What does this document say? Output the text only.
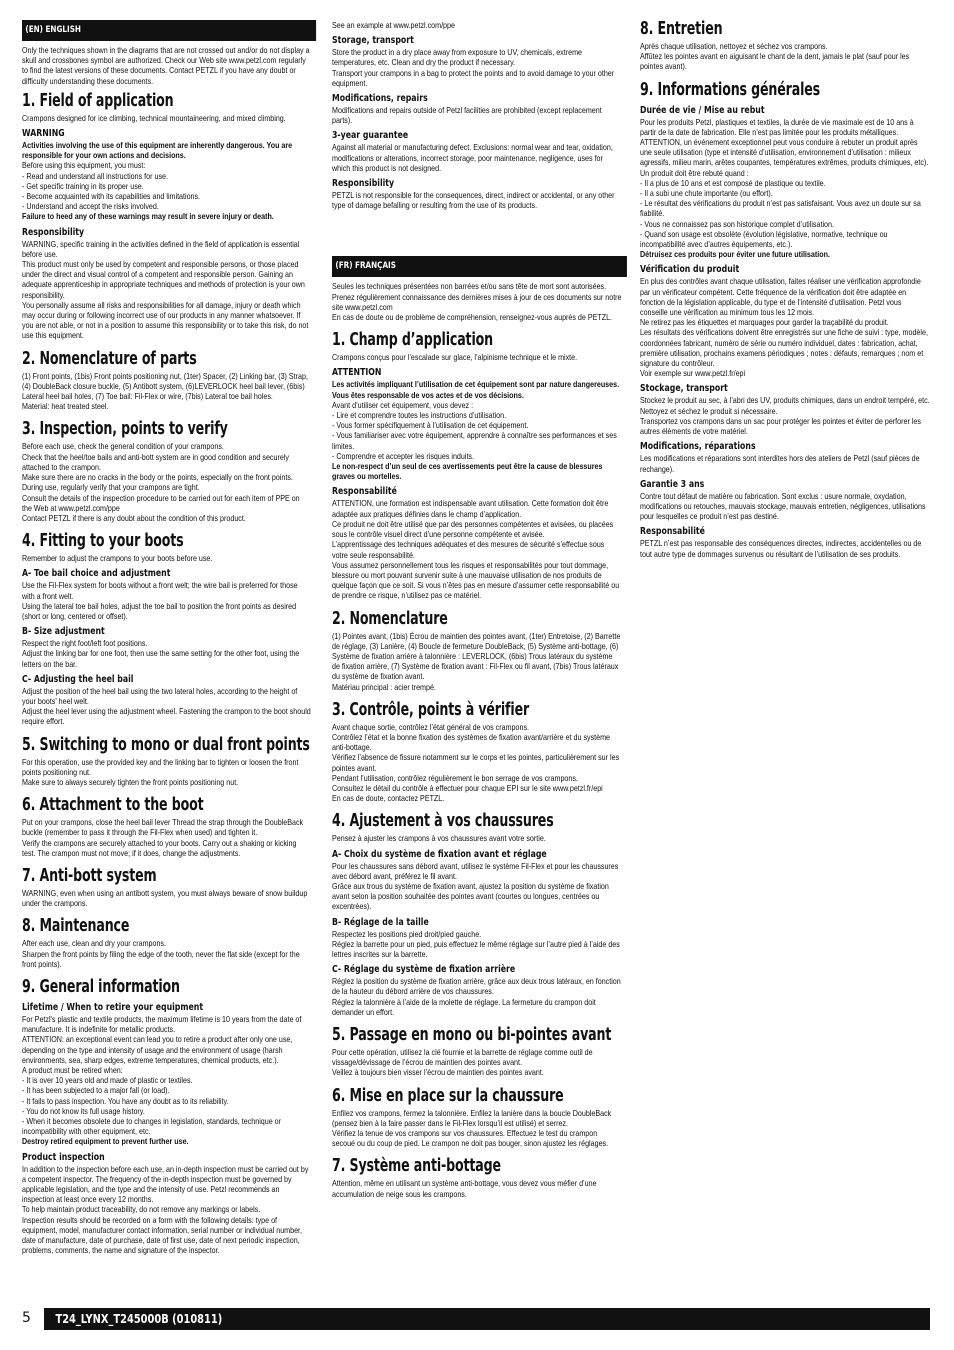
(EN) ENGLISH

Only the techniques shown in the diagrams that are not crossed out and/or do not display a skull and crossbones symbol are authorized. Check our Web site www.petzl.com regularly to find the latest versions of these documents. Contact PETZL if you have any doubt or difficulty understanding these documents.

1. Field of application

Crampons designed for ice climbing, technical mountaineering, and mixed climbing.

WARNING

Activities involving the use of this equipment are inherently dangerous. You are responsible for your own actions and decisions.

Before using this equipment, you must:

- Read and understand all instructions for use.

- Get specific training in its proper use.

- Become acquainted with its capabilities and limitations.

- Understand and accept the risks involved.

Failure to heed any of these warnings may result in severe injury or death.

Responsibility

WARNING, specific training in the activities defined in the field of application is essential before use.

This product must only be used by competent and responsible persons, or those placed under the direct and visual control of a competent and responsible person. Gaining an adequate apprenticeship in appropriate techniques and methods of protection is your own responsibility.

You personally assume all risks and responsibilities for all damage, injury or death which may occur during or following incorrect use of our products in any manner whatsoever. If you are not able, or not in a position to assume this responsibility or to take this risk, do not use this equipment.

2. Nomenclature of parts

(1) Front points, (1bis) Front points positioning nut, (1ter) Spacer, (2) Linking bar, (3) Strap, (4) DoubleBack closure buckle, (5) Antibott system, (6)LEVERLOCK heel bail lever, (6bis) Lateral heel bail holes, (7) Toe bail: Fil-Flex or wire, (7bis) Lateral toe bail holes.

Material: heat treated steel.

3. Inspection, points to verify

Before each use, check the general condition of your crampons.

Check that the heel/toe bails and anti-bott system are in good condition and securely attached to the crampon.

Make sure there are no cracks in the body or the points, especially on the front points.

During use, regularly verify that your crampons are tight.

Consult the details of the inspection procedure to be carried out for each item of PPE on the Web at www.petzl.com/ppe

Contact PETZL if there is any doubt about the condition of this product.

4. Fitting to your boots

Remember to adjust the crampons to your boots before use.

A- Toe bail choice and adjustment

Use the Fil-Flex system for boots without a front welt; the wire bail is preferred for those with a front welt.

Using the lateral toe bail holes, adjust the toe bail to position the front points as desired (short or long, centered or offset).

B- Size adjustment

Respect the right foot/left foot positions.

Adjust the linking bar for one foot, then use the same setting for the other foot, using the letters on the bar.

C- Adjusting the heel bail

Adjust the position of the heel bail using the two lateral holes, according to the height of your boots' heel welt.

Adjust the heel lever using the adjustment wheel. Fastening the crampon to the boot should require effort.

5. Switching to mono or dual front points

For this operation, use the provided key and the linking bar to tighten or loosen the front points positioning nut.

Make sure to always securely tighten the front points positioning nut.

6. Attachment to the boot

Put on your crampons, close the heel bail lever Thread the strap through the DoubleBack buckle (remember to pass it through the Fil-Flex when used) and tighten it.

Verify the crampons are securely attached to your boots. Carry out a shaking or kicking test. The crampon must not move; if it does, change the adjustments.

7. Anti-bott system

WARNING, even when using an antibott system, you must always beware of snow buildup under the crampons.

8. Maintenance

After each use, clean and dry your crampons.

Sharpen the front points by filing the edge of the tooth, never the flat side (except for the front points).

9. General information
Lifetime / When to retire your equipment

For Petzl's plastic and textile products, the maximum lifetime is 10 years from the date of manufacture. It is indefinite for metallic products.

ATTENTION: an exceptional event can lead you to retire a product after only one use, depending on the type and intensity of usage and the environment of usage (harsh environments, sea, sharp edges, extreme temperatures, chemical products, etc.).

A product must be retired when:

- It is over 10 years old and made of plastic or textiles.

- It has been subjected to a major fall (or load).

- It fails to pass inspection. You have any doubt as to its reliability.

- You do not know its full usage history.

- When it becomes obsolete due to changes in legislation, standards, technique or incompatibility with other equipment, etc.

Destroy retired equipment to prevent further use.

Product inspection

In addition to the inspection before each use, an in-depth inspection must be carried out by a competent inspector. The frequency of the in-depth inspection must be governed by applicable legislation, and the type and the intensity of use. Petzl recommends an inspection at least once every 12 months.

To help maintain product traceability, do not remove any markings or labels.

Inspection results should be recorded on a form with the following details: type of equipment, model, manufacturer contact information, serial number or individual number, date of manufacture, date of purchase, date of first use, date of next periodic inspection, problems, comments, the name and signature of the inspector.

See an example at www.petzl.com/ppe

Storage, transport

Store the product in a dry place away from exposure to UV, chemicals, extreme temperatures, etc. Clean and dry the product if necessary.

Transport your crampons in a bag to protect the points and to avoid damage to your other equipment.

Modifications, repairs

Modifications and repairs outside of Petzl facilities are prohibited (except replacement parts).

3-year guarantee

Against all material or manufacturing defect. Exclusions: normal wear and tear, oxidation, modifications or alterations, incorrect storage, poor maintenance, negligence, uses for which this product is not designed.

Responsibility

PETZL is not responsible for the consequences, direct, indirect or accidental, or any other type of damage befalling or resulting from the use of its products.

(FR) FRANÇAIS

Seules les techniques présentées non barrées et/ou sans tête de mort sont autorisées. Prenez régulièrement connaissance des dernières mises à jour de ces documents sur notre site www.petzl.com

En cas de doute ou de problème de compréhension, renseignez-vous auprès de PETZL.

1. Champ d’application

Crampons conçus pour l’escalade sur glace, l’alpinisme technique et le mixte.

ATTENTION

Les activités impliquant l’utilisation de cet équipement sont par nature dangereuses.

Vous êtes responsable de vos actes et de vos décisions.

Avant d’utiliser cet équipement, vous devez :

- Lire et comprendre toutes les instructions d’utilisation.

- Vous former spécifiquement à l’utilisation de cet équipement.

- Vous familiariser avec votre équipement, apprendre à connaître ses performances et ses limites.

- Comprendre et accepter les risques induits.

Le non-respect d’un seul de ces avertissements peut être la cause de blessures graves ou mortelles.

Responsabilité

ATTENTION, une formation est indispensable avant utilisation. Cette formation doit être adaptée aux pratiques définies dans le champ d’application.

Ce produit ne doit être utilisé que par des personnes compétentes et avisées, ou placées sous le contrôle visuel direct d’une personne compétente et avisée.

L’apprentissage des techniques adéquates et des mesures de sécurité s’effectue sous votre seule responsabilité.

Vous assumez personnellement tous les risques et responsabilités pour tout dommage, blessure ou mort pouvant survenir suite à une mauvaise utilisation de nos produits de quelque façon que ce soit. Si vous n’êtes pas en mesure d’assumer cette responsabilité ou de prendre ce risque, n’utilisez pas ce matériel.

2. Nomenclature

(1) Pointes avant, (1bis) Écrou de maintien des pointes avant, (1ter) Entretoise, (2) Barrette de réglage, (3) Lanière, (4) Boucle de fermeture DoubleBack, (5) Système anti-bottage, (6) Système de fixation arrière à talonnière : LEVERLOCK, (6bis) Trous latéraux du système de fixation arrière, (7) Système de fixation avant : Fil-Flex ou fil avant, (7bis) Trous latéraux du système de fixation avant.

Matériau principal : acier trempé.

3. Contrôle, points à vérifier

Avant chaque sortie, contrôlez l’état général de vos crampons.

Contrôlez l’état et la bonne fixation des systèmes de fixation avant/arrière et du système anti-bottage.

Vérifiez l’absence de fissure notamment sur le corps et les pointes, particulièrement sur les pointes avant.

Pendant l’utilisation, contrôlez régulièrement le bon serrage de vos crampons.

Consultez le détail du contrôle à effectuer pour chaque EPI sur le site www.petzl.fr/epi

En cas de doute, contactez PETZL.

4. Ajustement à vos chaussures

Pensez à ajuster les crampons à vos chaussures avant votre sortie.

A- Choix du système de fixation avant et réglage

Pour les chaussures sans débord avant, utilisez le système Fil-Flex et pour les chaussures avec débord avant, préférez le fil avant.

Grâce aux trous du système de fixation avant, ajustez la position du système de fixation avant selon la position souhaitée des pointes avant (courtes ou longues, centrées ou excentrées).

B- Réglage de la taille

Respectez les positions pied droit/pied gauche.

Réglez la barrette pour un pied, puis effectuez le même réglage sur l’autre pied à l’aide des lettres inscrites sur la barrette.

C- Réglage du système de fixation arrière

Réglez la position du système de fixation arrière, grâce aux deux trous latéraux, en fonction de la hauteur du débord arrière de vos chaussures.

Réglez la talonnière à l’aide de la molette de réglage. La fermeture du crampon doit demander un effort.

5. Passage en mono ou bi-pointes avant

Pour cette opération, utilisez la clé fournie et la barrette de réglage comme outil de vissage/dévissage de l’écrou de maintien des pointes avant.

Veillez à toujours bien visser l’écrou de maintien des pointes avant.

6. Mise en place sur la chaussure

Enfilez vos crampons, fermez la talonnière. Enfilez la lanière dans la boucle DoubleBack (pensez bien à la faire passer dans le Fil-Flex lorsqu’il est utilisé) et serrez.

Vérifiez la tenue de vos crampons sur vos chaussures. Effectuez le test du crampon secoué ou du coup de pied. Le crampon ne doit pas bouger, sinon ajustez les réglages.

7. Système anti-bottage

Attention, même en utilisant un système anti-bottage, vous devez vous méfier d’une accumulation de neige sous les crampons.

8. Entretien

Après chaque utilisation, nettoyez et séchez vos crampons.

Affûtez les pointes avant en aiguisant le chant de la dent, jamais le plat (sauf pour les pointes avant).

9. Informations générales
Durée de vie / Mise au rebut

Pour les produits Petzl, plastiques et textiles, la durée de vie maximale est de 10 ans à partir de la date de fabrication. Elle n’est pas limitée pour les produits métalliques.

ATTENTION, un événement exceptionnel peut vous conduire à rebuter un produit après une seule utilisation (type et intensité d’utilisation, environnement d’utilisation : milieux agressifs, milieu marin, arêtes coupantes, températures extrêmes, produits chimiques, etc).

Un produit doit être rebuté quand :

- Il a plus de 10 ans et est composé de plastique ou textile.

- Il a subi une chute importante (ou effort).

- Le résultat des vérifications du produit n’est pas satisfaisant. Vous avez un doute sur sa fiabilité.

- Vous ne connaissez pas son historique complet d’utilisation.

- Quand son usage est obsolète (évolution législative, normative, technique ou incompatibilité avec d’autres équipements, etc.).

Détruisez ces produits pour éviter une future utilisation.

Vérification du produit

En plus des contrôles avant chaque utilisation, faites réaliser une vérification approfondie par un vérificateur compétent. Cette fréquence de la vérification doit être adaptée en fonction de la législation applicable, du type et de l’intensité d’utilisation. Petzl vous conseille une vérification au minimum tous les 12 mois.

Ne retirez pas les étiquettes et marquages pour garder la traçabilité du produit.

Les résultats des vérifications doivent être enregistrés sur une fiche de suivi : type, modèle, coordonnées fabricant, numéro de série ou numéro individuel, dates : fabrication, achat, première utilisation, prochains examens périodiques ; notes : défauts, remarques ; nom et signature du contrôleur.

Voir exemple sur www.petzl.fr/epi

Stockage, transport

Stockez le produit au sec, à l’abri des UV, produits chimiques, dans un endroit tempéré, etc. Nettoyez et séchez le produit si nécessaire.

Transportez vos crampons dans un sac pour protéger les pointes et éviter de perforer les autres éléments de votre matériel.

Modifications, réparations

Les modifications et réparations sont interdites hors des ateliers de Petzl (sauf pièces de rechange).

Garantie 3 ans

Contre tout défaut de matière ou fabrication. Sont exclus : usure normale, oxydation, modifications ou retouches, mauvais stockage, mauvais entretien, négligences, utilisations pour lesquelles ce produit n’est pas destiné.

Responsabilité

PETZL n’est pas responsable des conséquences directes, indirectes, accidentelles ou de tout autre type de dommages survenus ou résultant de l’utilisation de ses produits.

5	T24_LYNX_T245000B (010811)
